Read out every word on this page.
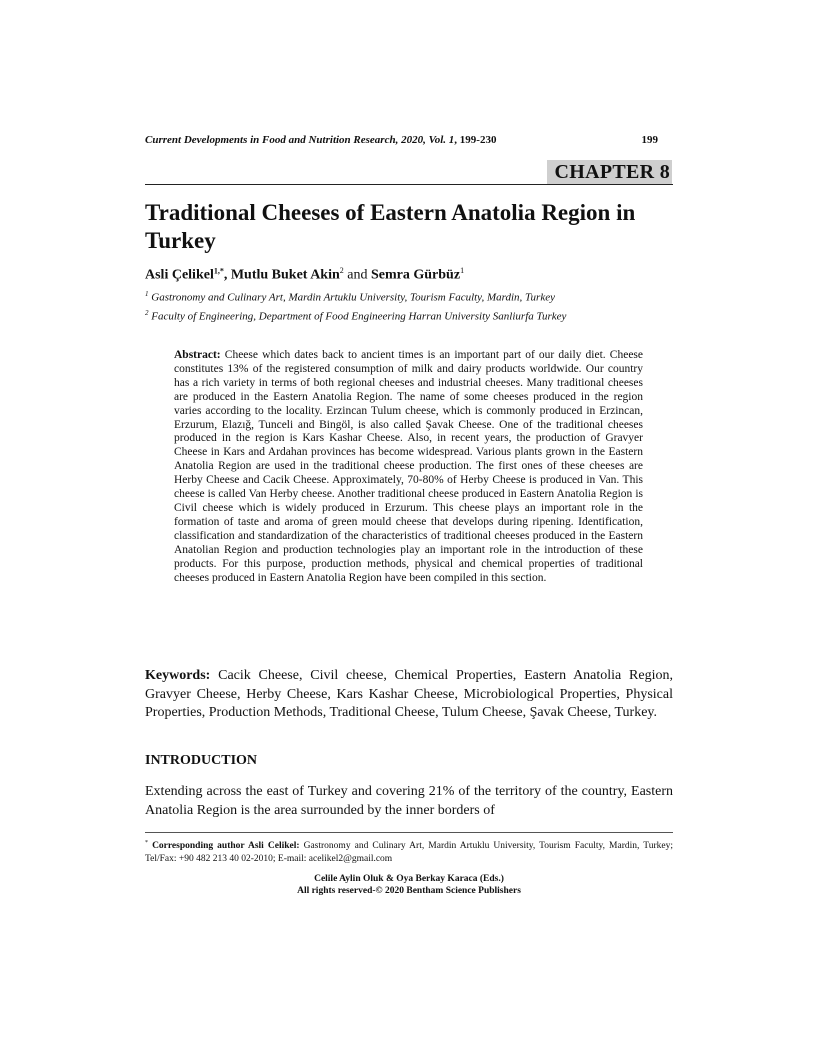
Current Developments in Food and Nutrition Research, 2020, Vol. 1, 199-230	199
CHAPTER 8
Traditional Cheeses of Eastern Anatolia Region in Turkey
Asli Çelikel$^{1,*}$, Mutlu Buket Akin$^2$ and Semra Gürbüz$^1$
$^1$ Gastronomy and Culinary Art, Mardin Artuklu University, Tourism Faculty, Mardin, Turkey
$^2$ Faculty of Engineering, Department of Food Engineering Harran University Sanliurfa Turkey
Abstract: Cheese which dates back to ancient times is an important part of our daily diet. Cheese constitutes 13% of the registered consumption of milk and dairy products worldwide. Our country has a rich variety in terms of both regional cheeses and industrial cheeses. Many traditional cheeses are produced in the Eastern Anatolia Region. The name of some cheeses produced in the region varies according to the locality. Erzincan Tulum cheese, which is commonly produced in Erzincan, Erzurum, Elazığ, Tunceli and Bingöl, is also called Şavak Cheese. One of the traditional cheeses produced in the region is Kars Kashar Cheese. Also, in recent years, the production of Gravyer Cheese in Kars and Ardahan provinces has become widespread. Various plants grown in the Eastern Anatolia Region are used in the traditional cheese production. The first ones of these cheeses are Herby Cheese and Cacik Cheese. Approximately, 70-80% of Herby Cheese is produced in Van. This cheese is called Van Herby cheese. Another traditional cheese produced in Eastern Anatolia Region is Civil cheese which is widely produced in Erzurum. This cheese plays an important role in the formation of taste and aroma of green mould cheese that develops during ripening. Identification, classification and standardization of the characteristics of traditional cheeses produced in the Eastern Anatolian Region and production technologies play an important role in the introduction of these products. For this purpose, production methods, physical and chemical properties of traditional cheeses produced in Eastern Anatolia Region have been compiled in this section.
Keywords: Cacik Cheese, Civil cheese, Chemical Properties, Eastern Anatolia Region, Gravyer Cheese, Herby Cheese, Kars Kashar Cheese, Microbiological Properties, Physical Properties, Production Methods, Traditional Cheese, Tulum Cheese, Şavak Cheese, Turkey.
INTRODUCTION
Extending across the east of Turkey and covering 21% of the territory of the country, Eastern Anatolia Region is the area surrounded by the inner borders of
* Corresponding author Asli Celikel: Gastronomy and Culinary Art, Mardin Artuklu University, Tourism Faculty, Mardin, Turkey; Tel/Fax: +90 482 213 40 02-2010; E-mail: acelikel2@gmail.com
Celile Aylin Oluk & Oya Berkay Karaca (Eds.)
All rights reserved-© 2020 Bentham Science Publishers
